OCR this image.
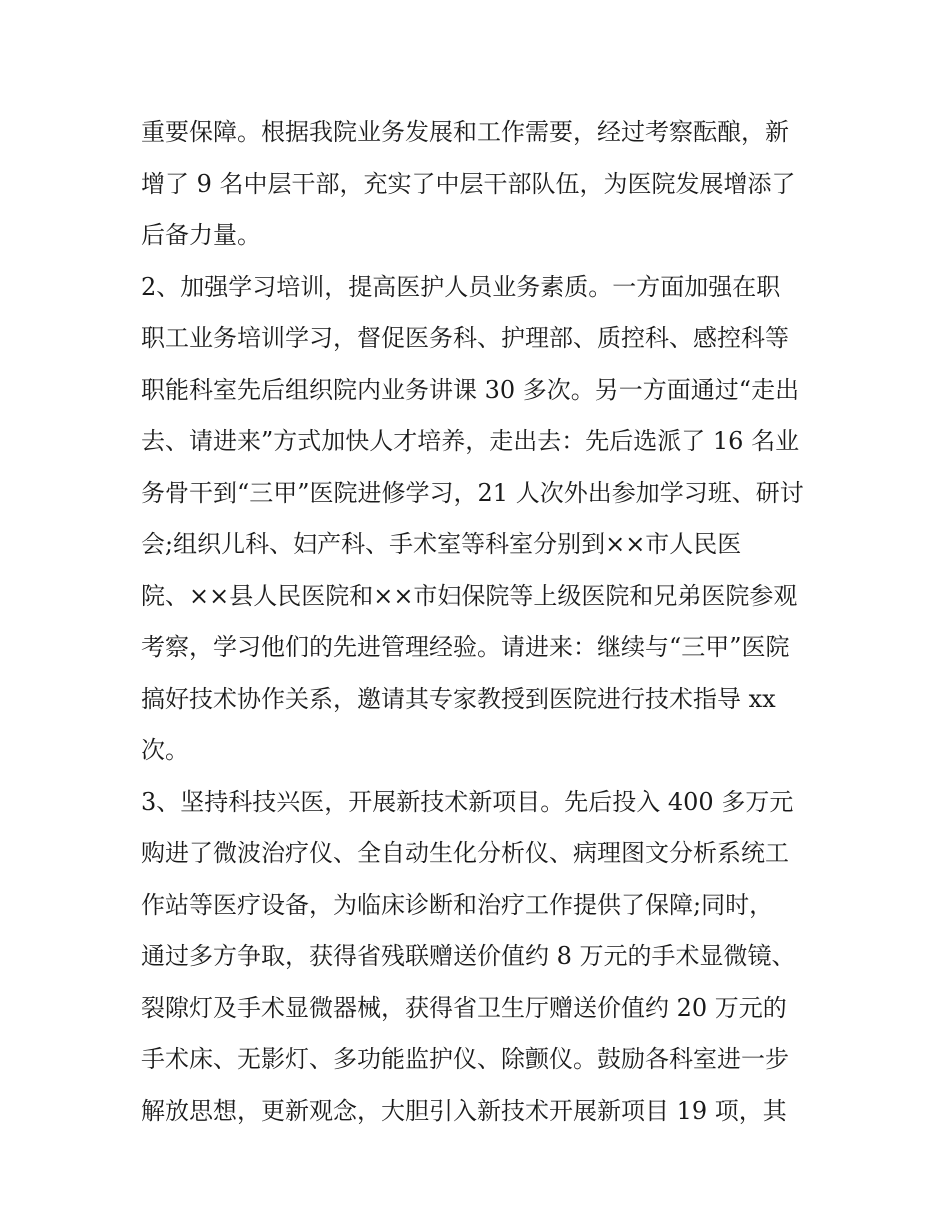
重要保障。根据我院业务发展和工作需要，经过考察酝酿，新
增了 9 名中层干部，充实了中层干部队伍，为医院发展增添了
后备力量。
2、加强学习培训，提高医护人员业务素质。一方面加强在职
职工业务培训学习，督促医务科、护理部、质控科、感控科等
职能科室先后组织院内业务讲课 30 多次。另一方面通过“走出
去、请进来”方式加快人才培养，走出去：先后选派了 16 名业
务骨干到“三甲”医院进修学习，21 人次外出参加学习班、研讨
会;组织儿科、妇产科、手术室等科室分别到××市人民医
院、××县人民医院和××市妇保院等上级医院和兄弟医院参观
考察，学习他们的先进管理经验。请进来：继续与“三甲”医院
搞好技术协作关系，邀请其专家教授到医院进行技术指导 xx
次。
3、坚持科技兴医，开展新技术新项目。先后投入 400 多万元
购进了微波治疗仪、全自动生化分析仪、病理图文分析系统工
作站等医疗设备，为临床诊断和治疗工作提供了保障;同时，
通过多方争取，获得省残联赠送价值约 8 万元的手术显微镜、
裂隙灯及手术显微器械，获得省卫生厅赠送价值约 20 万元的
手术床、无影灯、多功能监护仪、除颤仪。鼓励各科室进一步
解放思想，更新观念，大胆引入新技术开展新项目 19 项，其
